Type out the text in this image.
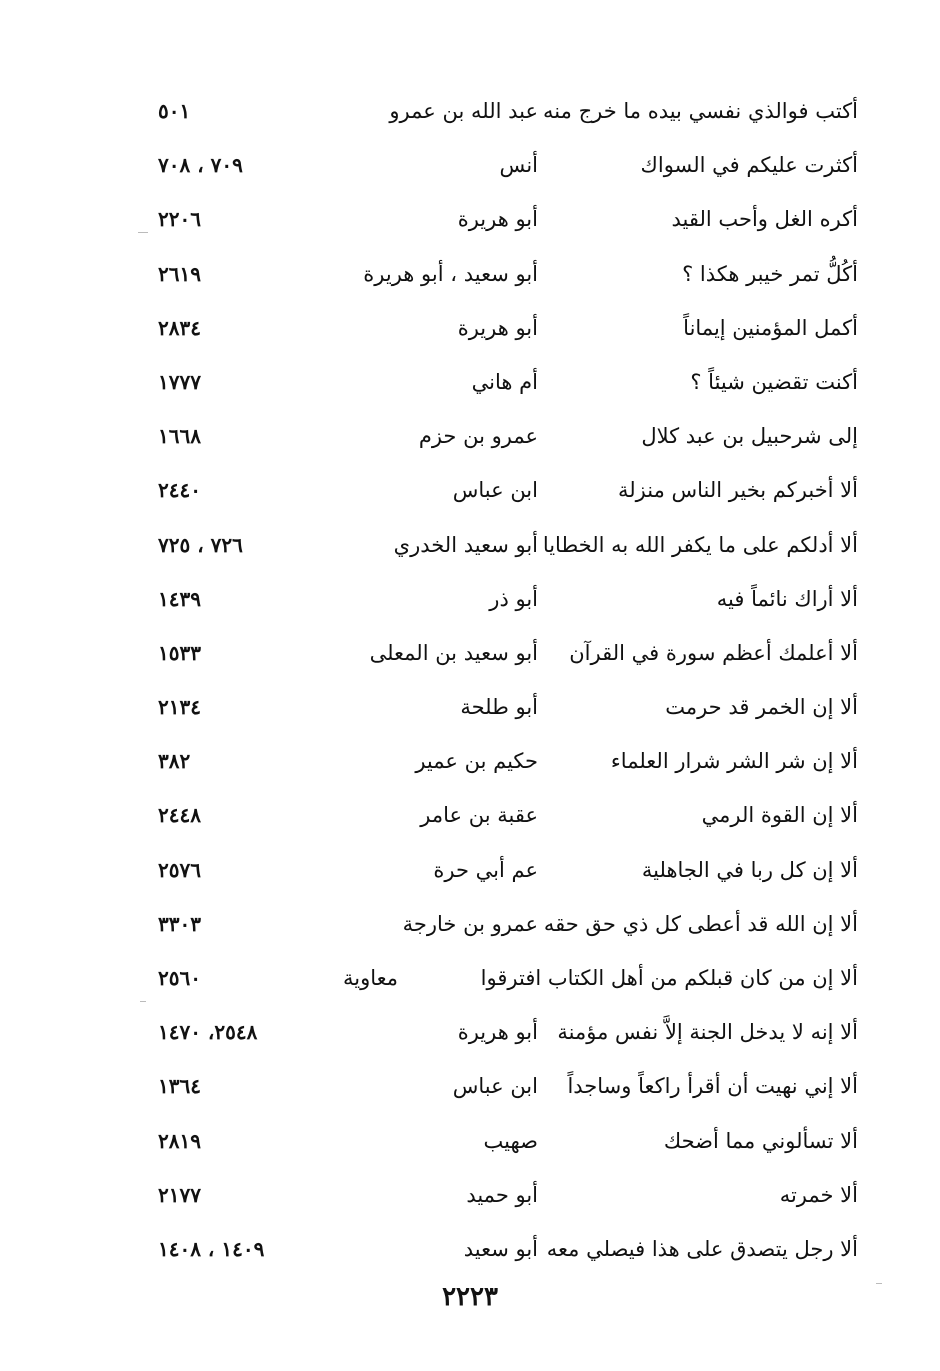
أكتب فوالذي نفسي بيده ما خرج منه
عبد الله بن عمرو
٥٠١
أكثرت عليكم في السواك
أنس
٧٠٩ ، ٧٠٨
أكره الغل وأحب القيد
أبو هريرة
٢٢٠٦
أكُلُّ تمر خيبر هكذا ؟
أبو سعيد ، أبو هريرة
٢٦١٩
أكمل المؤمنين إيماناً
أبو هريرة
٢٨٣٤
أكنت تقضين شيئاً ؟
أم هاني
١٧٧٧
إلى شرحبيل بن عبد كلال
عمرو بن حزم
١٦٦٨
ألا أخبركم بخير الناس منزلة
ابن عباس
٢٤٤٠
ألا أدلكم على ما يكفر الله به الخطايا
أبو سعيد الخدري
٧٢٦ ، ٧٢٥
ألا أراك نائماً فيه
أبو ذر
١٤٣٩
ألا أعلمك أعظم سورة في القرآن
أبو سعيد بن المعلى
١٥٣٣
ألا إن الخمر قد حرمت
أبو طلحة
٢١٣٤
ألا إن شر الشر شرار العلماء
حكيم بن عمير
٣٨٢
ألا إن القوة الرمي
عقبة بن عامر
٢٤٤٨
ألا إن كل ربا في الجاهلية
عم أبي حرة
٢٥٧٦
ألا إن الله قد أعطى كل ذي حق حقه
عمرو بن خارجة
٣٣٠٣
ألا إن من كان قبلكم من أهل الكتاب افترقوا
معاوية
٢٥٦٠
ألا إنه لا يدخل الجنة إلاَّ نفس مؤمنة
أبو هريرة
٢٥٤٨، ١٤٧٠
ألا إني نهيت أن أقرأ راكعاً وساجداً
ابن عباس
١٣٦٤
ألا تسألوني مما أضحك
صهيب
٢٨١٩
ألا خمرته
أبو حميد
٢١٧٧
ألا رجل يتصدق على هذا فيصلي معه
أبو سعيد
١٤٠٩ ، ١٤٠٨
٢٢٢٣
